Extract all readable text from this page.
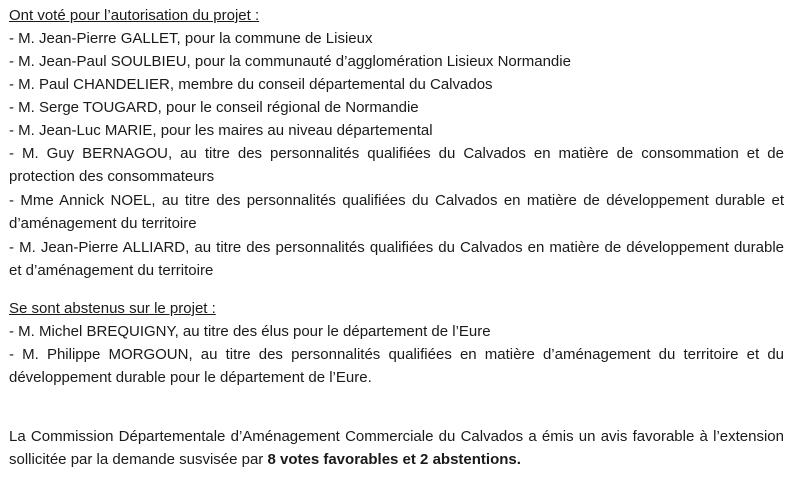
Ont voté pour l’autorisation du projet :

- M. Jean-Pierre GALLET, pour la commune de Lisieux
- M. Jean-Paul SOULBIEU, pour la communauté d’agglomération Lisieux Normandie
- M. Paul CHANDELIER, membre du conseil départemental du Calvados
- M. Serge TOUGARD, pour le conseil régional de Normandie
- M. Jean-Luc MARIE, pour les maires au niveau départemental
- M. Guy BERNAGOU, au titre des personnalités qualifiées du Calvados en matière de consommation et de protection des consommateurs
- Mme Annick NOEL, au titre des personnalités qualifiées du Calvados en matière de développement durable et d’aménagement du territoire
- M. Jean-Pierre ALLIARD, au titre des personnalités qualifiées du Calvados en matière de développement durable et d’aménagement du territoire

Se sont abstenus sur le projet :

- M. Michel BREQUIGNY, au titre des élus pour le département de l’Eure
- M. Philippe MORGOUN, au titre des personnalités qualifiées en matière d’aménagement du territoire et du développement durable pour le département de l’Eure.

La Commission Départementale d’Aménagement Commerciale du Calvados a émis un avis favorable à l’extension sollicitée par la demande susvisée par 8 votes favorables et 2 abstentions.
